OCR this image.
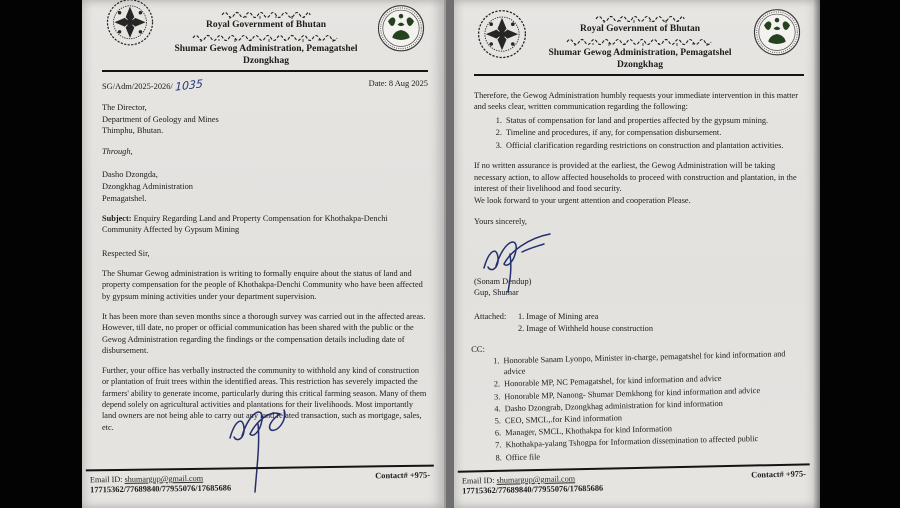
Royal Government of Bhutan
Shumar Gewog Administration, Pemagatshel Dzongkhag
SG/Adm/2025-2026/ 1035	Date: 8 Aug 2025
The Director,
Department of Geology and Mines
Thimphu, Bhutan.
Through,
Dasho Dzongda,
Dzongkhag Administration
Pemagatshel.

Subject: Enquiry Regarding Land and Property Compensation for Khothakpa-Denchi Community Affected by Gypsum Mining

Respected Sir,

The Shumar Gewog administration is writing to formally enquire about the status of land and property compensation for the people of Khothakpa-Denchi Community who have been affected by gypsum mining activities under your department supervision.

It has been more than seven months since a thorough survey was carried out in the affected areas. However, till date, no proper or official communication has been shared with the public or the Gewog Administration regarding the findings or the compensation details including date of disbursement.

Further, your office has verbally instructed the community to withhold any kind of construction or plantation of fruit trees within the identified areas. This restriction has severely impacted the farmers' ability to generate income, particularly during this critical farming season. Many of them depend solely on agricultural activities and plantations for their livelihoods. Most importantly land owners are not being able to carry out any land related transaction, such as mortgage, sales, etc.

Email ID: shumargup@gmail.com	Contact# +975-
17715362/77689840/77955076/17685686
Royal Government of Bhutan
Shumar Gewog Administration, Pemagatshel Dzongkhag

Therefore, the Gewog Administration humbly requests your immediate intervention in this matter and seeks clear, written communication regarding the following:

1. Status of compensation for land and properties affected by the gypsum mining.
2. Timeline and procedures, if any, for compensation disbursement.
3. Official clarification regarding restrictions on construction and plantation activities.

If no written assurance is provided at the earliest, the Gewog Administration will be taking necessary action, to allow affected households to proceed with construction and plantation, in the interest of their livelihood and food security.

We look forward to your urgent attention and cooperation Please.

Yours sincerely,

(Sonam Dendup)
Gup, Shumar
Attached: 1. Image of Mining area
2. Image of Withheld house construction
CC:
1. Honorable Sanam Lyonpo, Minister in-charge, pemagatshel for kind information and advice
2. Honorable MP, NC Pemagatshel, for kind information and advice
3. Honorable MP, Nanong- Shumar Demkhong for kind information and advice
4. Dasho Dzongrab, Dzongkhag administration for kind information
5. CEO, SMCL,.for Kind information
6. Manager, SMCL, Khothakpa for kind Information
7. Khothakpa-yalang Tshogpa for Information dissemination to affected public
8. Office file
Email ID: shumargup@gmail.com	Contact# +975-
17715362/77689840/77955076/17685686
